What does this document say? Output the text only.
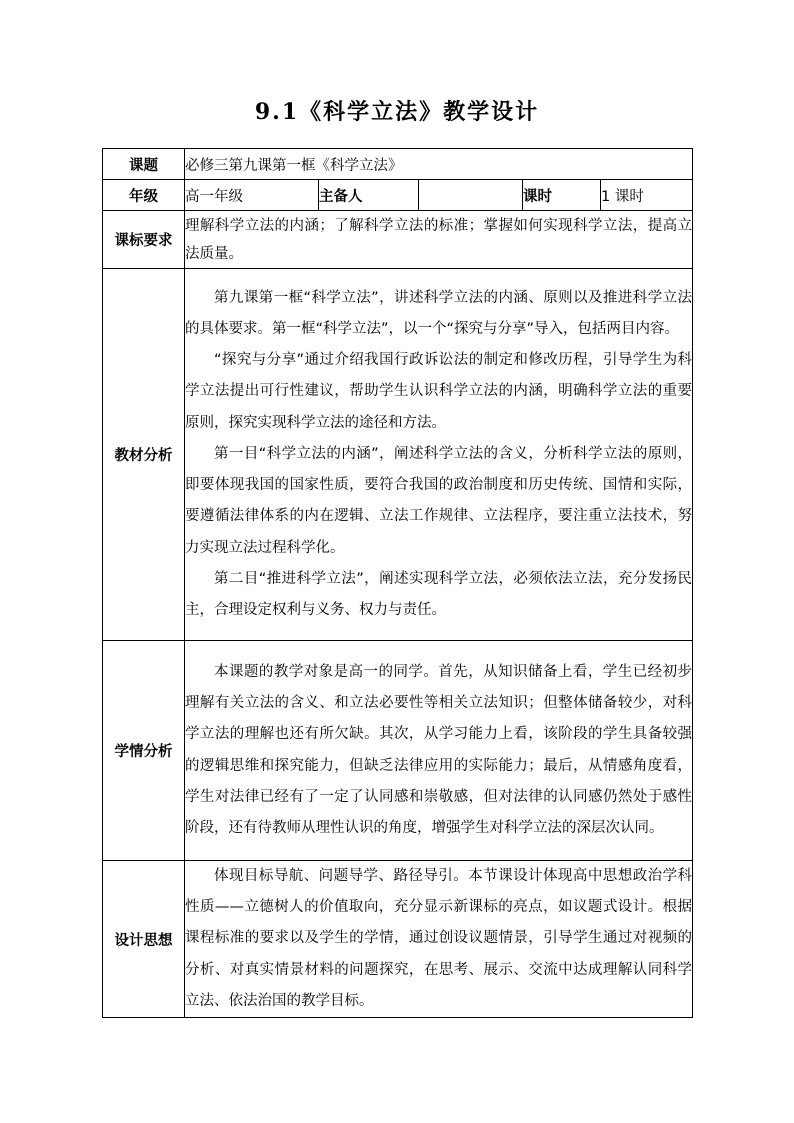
9.1《科学立法》教学设计
课题	必修三第九课第一框《科学立法》				
年级	高一年级	主备人		课时	1 课时
课标要求	理解科学立法的内涵；了解科学立法的标准；掌握如何实现科学立法，提高立法质量。				
教材分析	第九课第一框“科学立法”，讲述科学立法的内涵、原则以及推进科学立法的具体要求。第一框“科学立法”，以一个“探究与分享”导入，包括两目内容。
“探究与分享”通过介绍我国行政诉讼法的制定和修改历程，引导学生为科学立法提出可行性建议，帮助学生认识科学立法的内涵，明确科学立法的重要原则，探究实现科学立法的途径和方法。
第一目“科学立法的内涵”，阐述科学立法的含义，分析科学立法的原则，即要体现我国的国家性质，要符合我国的政治制度和历史传统、国情和实际，要遵循法律体系的内在逻辑、立法工作规律、立法程序，要注重立法技术，努力实现立法过程科学化。
第二目“推进科学立法”，阐述实现科学立法，必须依法立法，充分发扬民主，合理设定权利与义务、权力与责任。				

学情分析	本课题的教学对象是高一的同学。首先，从知识储备上看，学生已经初步理解有关立法的含义、和立法必要性等相关立法知识；但整体储备较少，对科学立法的理解也还有所欠缺。其次，从学习能力上看，该阶段的学生具备较强的逻辑思维和探究能力，但缺乏法律应用的实际能力；最后，从情感角度看，学生对法律已经有了一定了认同感和崇敬感，但对法律的认同感仍然处于感性阶段，还有待教师从理性认识的角度，增强学生对科学立法的深层次认同。				

设计思想	体现目标导航、问题导学、路径导引。本节课设计体现高中思想政治学科性质——立德树人的价值取向，充分显示新课标的亮点，如议题式设计。根据课程标准的要求以及学生的学情，通过创设议题情景，引导学生通过对视频的分析、对真实情景材料的问题探究，在思考、展示、交流中达成理解认同科学立法、依法治国的教学目标。				
